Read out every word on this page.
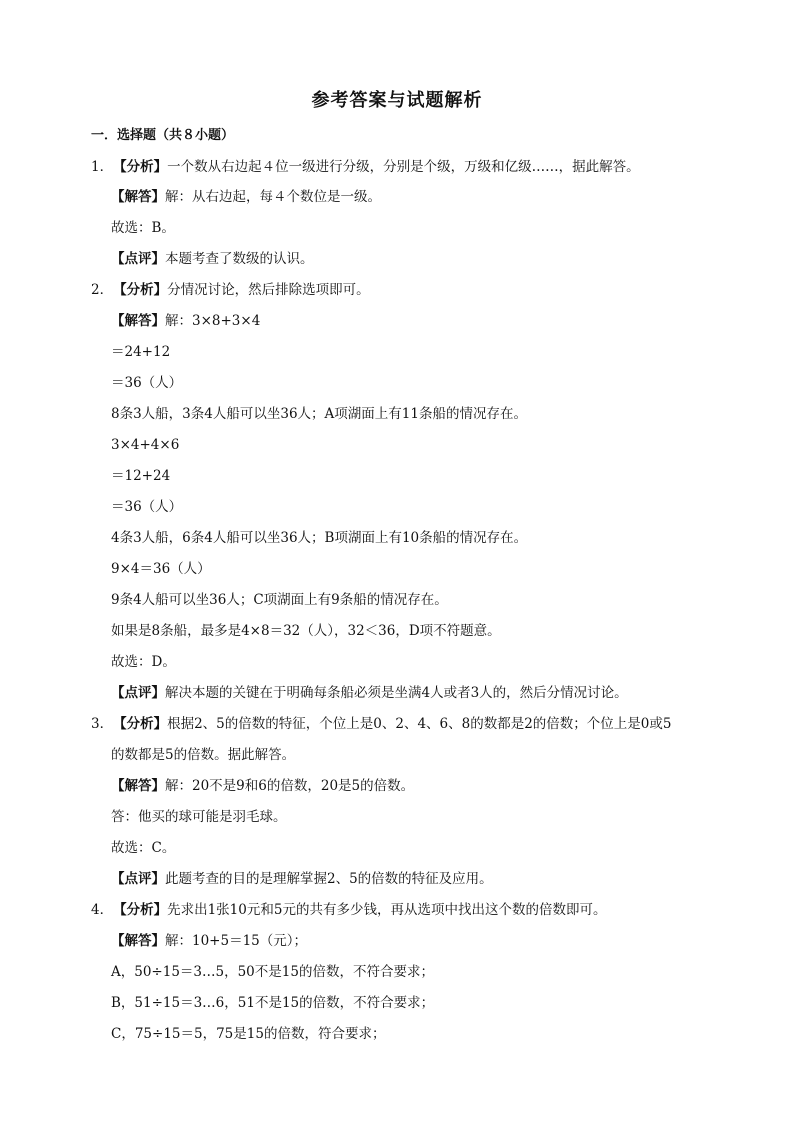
参考答案与试题解析
一．选择题（共８小题）
1．【分析】一个数从右边起４位一级进行分级，分别是个级，万级和亿级……，据此解答。
【解答】解：从右边起，每４个数位是一级。
故选：B。
【点评】本题考查了数级的认识。
2．【分析】分情况讨论，然后排除选项即可。
【解答】解：3×8+3×4
＝24+12
＝36（人）
8条3人船，3条4人船可以坐36人；A项湖面上有11条船的情况存在。
3×4+4×6
＝12+24
＝36（人）
4条3人船，6条4人船可以坐36人；B项湖面上有10条船的情况存在。
9×4＝36（人）
9条4人船可以坐36人；C项湖面上有9条船的情况存在。
如果是8条船，最多是4×8＝32（人），32＜36，D项不符题意。
故选：D。
【点评】解决本题的关键在于明确每条船必须是坐满4人或者3人的，然后分情况讨论。
3．【分析】根据2、5的倍数的特征，个位上是0、2、4、6、8的数都是2的倍数；个位上是0或5
的数都是5的倍数。据此解答。
【解答】解：20不是9和6的倍数，20是5的倍数。
答：他买的球可能是羽毛球。
故选：C。
【点评】此题考查的目的是理解掌握2、5的倍数的特征及应用。
4．【分析】先求出1张10元和5元的共有多少钱，再从选项中找出这个数的倍数即可。
【解答】解：10+5＝15（元）；
A，50÷15＝3…5，50不是15的倍数，不符合要求；
B，51÷15＝3…6，51不是15的倍数，不符合要求；
C，75÷15＝5，75是15的倍数，符合要求；
